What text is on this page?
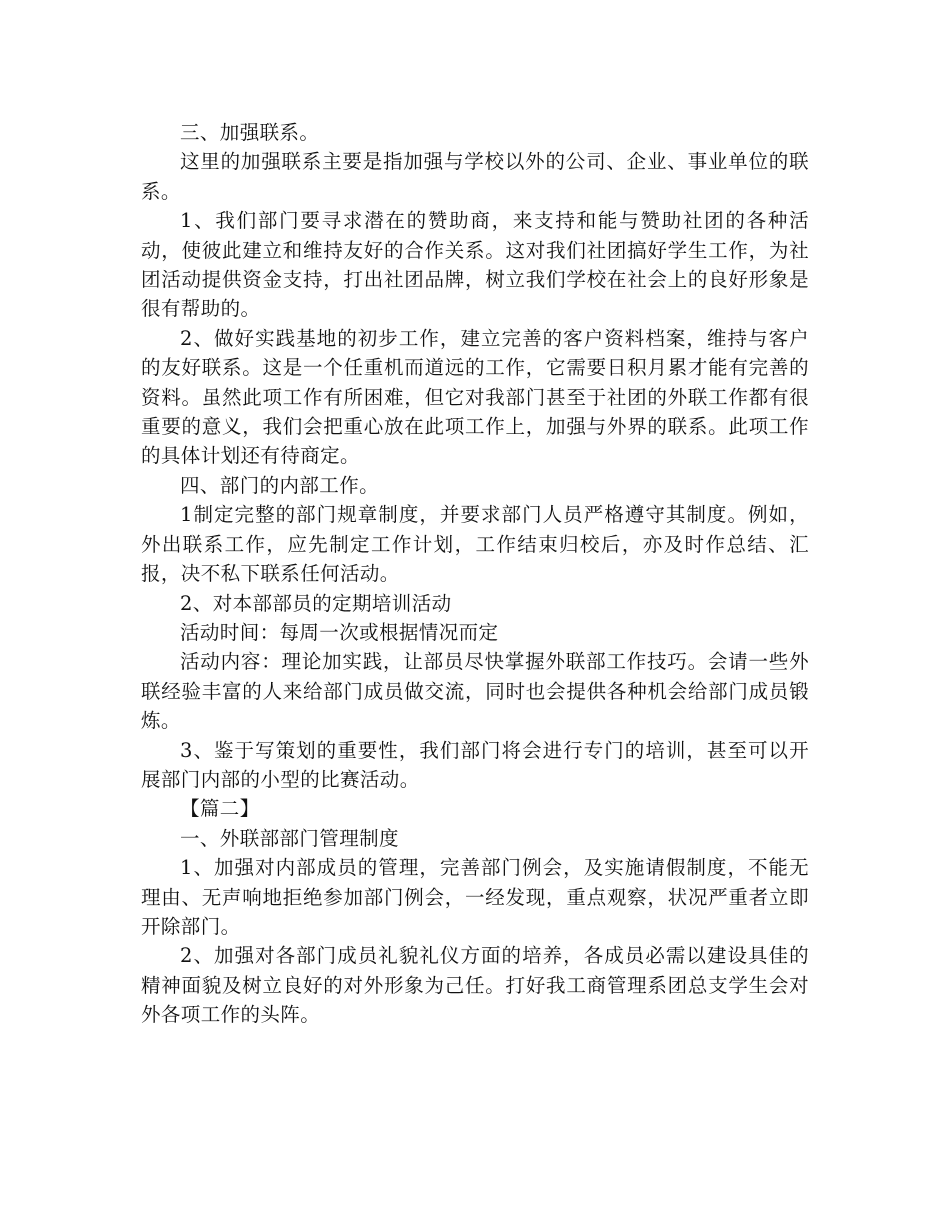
三、加强联系。

这里的加强联系主要是指加强与学校以外的公司、企业、事业单位的联系。

1、我们部门要寻求潜在的赞助商，来支持和能与赞助社团的各种活动，使彼此建立和维持友好的合作关系。这对我们社团搞好学生工作，为社团活动提供资金支持，打出社团品牌，树立我们学校在社会上的良好形象是很有帮助的。

2、做好实践基地的初步工作，建立完善的客户资料档案，维持与客户的友好联系。这是一个任重机而道远的工作，它需要日积月累才能有完善的资料。虽然此项工作有所困难，但它对我部门甚至于社团的外联工作都有很重要的意义，我们会把重心放在此项工作上，加强与外界的联系。此项工作的具体计划还有待商定。

四、部门的内部工作。

1制定完整的部门规章制度，并要求部门人员严格遵守其制度。例如，外出联系工作，应先制定工作计划，工作结束归校后，亦及时作总结、汇报，决不私下联系任何活动。

2、对本部部员的定期培训活动

活动时间：每周一次或根据情况而定

活动内容：理论加实践，让部员尽快掌握外联部工作技巧。会请一些外联经验丰富的人来给部门成员做交流，同时也会提供各种机会给部门成员锻炼。

3、鉴于写策划的重要性，我们部门将会进行专门的培训，甚至可以开展部门内部的小型的比赛活动。

【篇二】

一、外联部部门管理制度

1、加强对内部成员的管理，完善部门例会，及实施请假制度，不能无理由、无声响地拒绝参加部门例会，一经发现，重点观察，状况严重者立即开除部门。

2、加强对各部门成员礼貌礼仪方面的培养，各成员必需以建设具佳的精神面貌及树立良好的对外形象为己任。打好我工商管理系团总支学生会对外各项工作的头阵。
